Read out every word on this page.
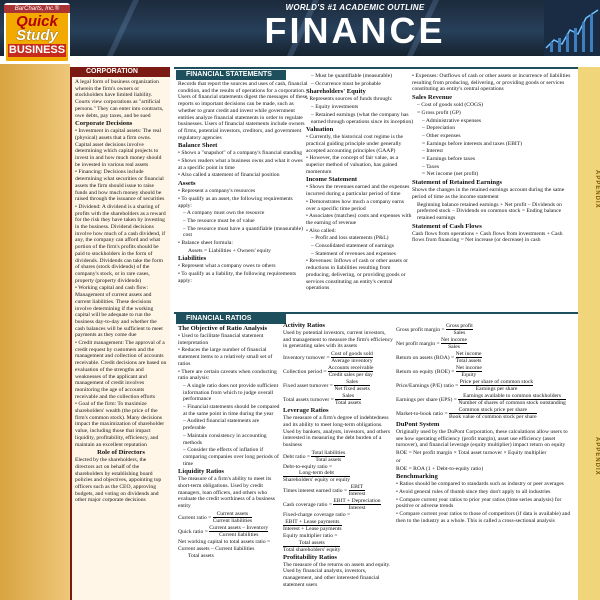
WORLD'S #1 ACADEMIC OUTLINE
FINANCE
BarCharts, Inc.®
Quick
Study
BUSINESS
CORPORATION

A legal form of business organization wherein the firm's owners or stockholders have limited liability. Courts view corporations as "artificial persons." They can enter into contracts, owe debts, pay taxes, and be sued

Corporate Decisions

• Investment in capital assets: The real (physical) assets that a firm owns. Capital asset decisions involve determining which capital projects to invest in and how much money should be invested in various real assets

• Financing: Decisions include determining what securities or financial assets the firm should issue to raise funds and how much money should be raised through the issuance of securities

• Dividend: A dividend is a sharing of profits with the shareholders as a reward for the risk they have taken by investing in the business. Dividend decisions involve how much of a cash dividend, if any, the company can afford and what portion of the firm's profits should be paid to stockholders in the form of dividends. Dividends can take the form of shares (stock dividends) of the company's stock, or in rare cases, property (property dividends)

• Working capital and cash flow: Management of current assets and current liabilities. These decisions involve determining if the working capital will be adequate to run the business day-to-day and whether the cash balances will be sufficient to meet payments as they come due

• Credit management: The approval of a credit request by customers and the management and collection of accounts receivable. Credit decisions are based on evaluation of the strengths and weaknesses of the applicant and management of credit involves monitoring the age of accounts receivable and the collection efforts

• Goal of the firm: To maximize shareholders' wealth (the price of the firm's common stock). Many decisions impact the maximization of shareholder value, including those that impact liquidity, profitability, efficiency, and maintain an excellent reputation

Role of Directors

Elected by the shareholders, the directors act on behalf of the shareholders by establishing board policies and objectives, appointing top officers such as the CEO, approving budgets, and voting on dividends and other major corporate decisions

FINANCIAL STATEMENTS
Records that report the sources and uses of cash, financial condition, and the results of operations for a corporation. Users of financial statements digest the messages of these reports so important decisions can be made, such as whether to grant credit and invest while government entities analyze financial statements in order to regulate businesses. Users of financial statements include owners of firms, potential investors, creditors, and government regulatory agencies
Balance Sheet
• Shows a "snapshot" of a company's financial standing
• Shows readers what a business owns and what it owes at a specific point in time
• Also called a statement of financial position
Assets
• Represent a company's resources
• To qualify as an asset, the following requirements apply:
– A company must own the resource
– The resource must be of value
– The resource must have a quantifiable (measurable) cost
• Balance sheet formula:
Assets = Liabilities + Owners' equity
Liabilities
• Represent what a company owes to others
• To qualify as a liability, the following requirements apply:
– Must be quantifiable (measurable)
– Occurrence must be probable
Shareholders' Equity
• Represents sources of funds through:
– Equity investments
– Retained earnings (what the company has earned through operations since its inception)
Valuation
• Currently, the historical cost regime is the practical guiding principle under generally accepted accounting principles (GAAP)
• However, the concept of fair value, as a superior method of valuation, has gained momentum
Income Statement
• Shows the revenues earned and the expenses incurred during a particular period of time
• Demonstrates how much a company earns over a specific time period
• Associates (matches) costs and expenses with the earning of revenue
• Also called:
– Profit and loss statements (P&L)
– Consolidated statement of earnings
– Statement of revenues and expenses
• Revenues: Inflows of cash or other assets or reductions in liabilities resulting from producing, delivering, or providing goods or services constituting an entity's central operations
• Expenses: Outflows of cash or other assets or incurrence of liabilities resulting from producing, delivering, or providing goods or services constituting an entity's central operations
Sales Revenue
– Cost of goods sold (COGS)
= Gross profit (GP)
– Administrative expenses
– Depreciation
– Other expenses
= Earnings before interests and taxes (EBIT)
– Interest
= Earnings before taxes
– Taxes
= Net income (net profit)
Statement of Retained Earnings
Shows the changes in the retained earnings account during the same period of time as the income statement
Beginning balance retained earnings + Net profit – Dividends on preferred stock – Dividends on common stock = Ending balance retained earnings
Statement of Cash Flows
Cash flows from operations + Cash flows from investments + Cash flows from financing = Net increase (or decrease) in cash
FINANCIAL RATIOS
The Objective of Ratio Analysis
• Used to facilitate financial statement interpretation
• Reduces the large number of financial statement items to a relatively small set of ratios
• There are certain caveats when conducting ratio analysis:
– A single ratio does not provide sufficient information from which to judge overall performance
– Financial statements should be compared at the same point in time during the year
– Audited financial statements are preferable
– Maintain consistency in accounting methods
– Consider the effects of inflation if comparing companies over long periods of time
Liquidity Ratios
The measure of a firm's ability to meet its short-term obligations. Used by credit managers, loan officers, and others who evaluate the credit worthiness of a business entity
Current ratio = $\frac{\text{Current assets}}{\text{Current liabilities}}$
Quick ratio = $\frac{\text{Current assets – Inventory}}{\text{Current liabilities}}$
Net working capital to total assets ratio = Current assets – Current liabilities
Total assets
Activity Ratios
Used by potential investors, current investors, and management to measure the firm's efficiency in generating sales with its assets
Inventory turnover = $\frac{\text{Cost of goods sold}}{\text{Average inventory}}$
Collection period = $\frac{\text{Accounts receivable}}{\text{Credit sales per day}}$
Fixed asset turnover = $\frac{\text{Sales}}{\text{Net fixed assets}}$
Total assets turnover = $\frac{\text{Sales}}{\text{Total assets}}$
Leverage Ratios
The measure of a firm's degree of indebtedness and its ability to meet long-term obligations. Used by bankers, analysts, investors, and others interested in measuring the debt burden of a business
Debt ratio = $\frac{\text{Total liabilities}}{\text{Total assets}}$
Debt-to-equity ratio =
$\frac{\text{Long-term debt}}{\text{Shareholders' equity or equity}}$
Times interest earned ratio = $\frac{\text{EBIT}}{\text{Interest}}$
Cash coverage ratio = $\frac{\text{EBIT + Depreciation}}{\text{Interest}}$
Fixed-charge coverage ratio =
$\frac{\text{EBIT + Lease payments}}{\text{Interest + Lease payments}}$
Equity multiplier ratio =
$\frac{\text{Total assets}}{\text{Total shareholders' equity}}$
Profitability Ratios
The measure of the returns on assets and equity. Used by financial analysts, investors, management, and other interested financial statement users
Gross profit margin = $\frac{\text{Gross profit}}{\text{Sales}}$
Net profit margin = $\frac{\text{Net income}}{\text{Sales}}$
Return on assets $(ROA) = \frac{\text{Net income}}{\text{Total assets}}$
Return on equity $(ROE) = \frac{\text{Net income}}{\text{Equity}}$
Price/Earnings (P/E) ratio = $\frac{\text{Price per share of common stock}}{\text{Earnings per share}}$
Earnings per share $(EPS) = \frac{\text{Earnings available to common stockholders}}{\text{Number of shares of common stock outstanding}}$
Market-to-book ratio = $\frac{\text{Common stock price per share}}{\text{Book value of common stock per share}}$
DuPont System
Originally used by the DuPont Corporation, these calculations allow users to see how operating efficiency (profit margin), asset use efficiency (asset turnover), and financial leverage (equity multiplier) impact return on equity
ROE = Net profit margin × Total asset turnover × Equity multiplier
or
ROE = ROA (1 + Debt-to-equity ratio)
Benchmarking
• Ratios should be compared to standards such as industry or peer averages
• Avoid general rules of thumb since they don't apply to all industries
• Compare current year ratios to prior year ratios (time series analysis) for positive or adverse trends
• Compare current year ratios to those of competitors (if data is available) and then to the industry as a whole. This is called a cross-sectional analysis
APPENDIX
APPENDIX
